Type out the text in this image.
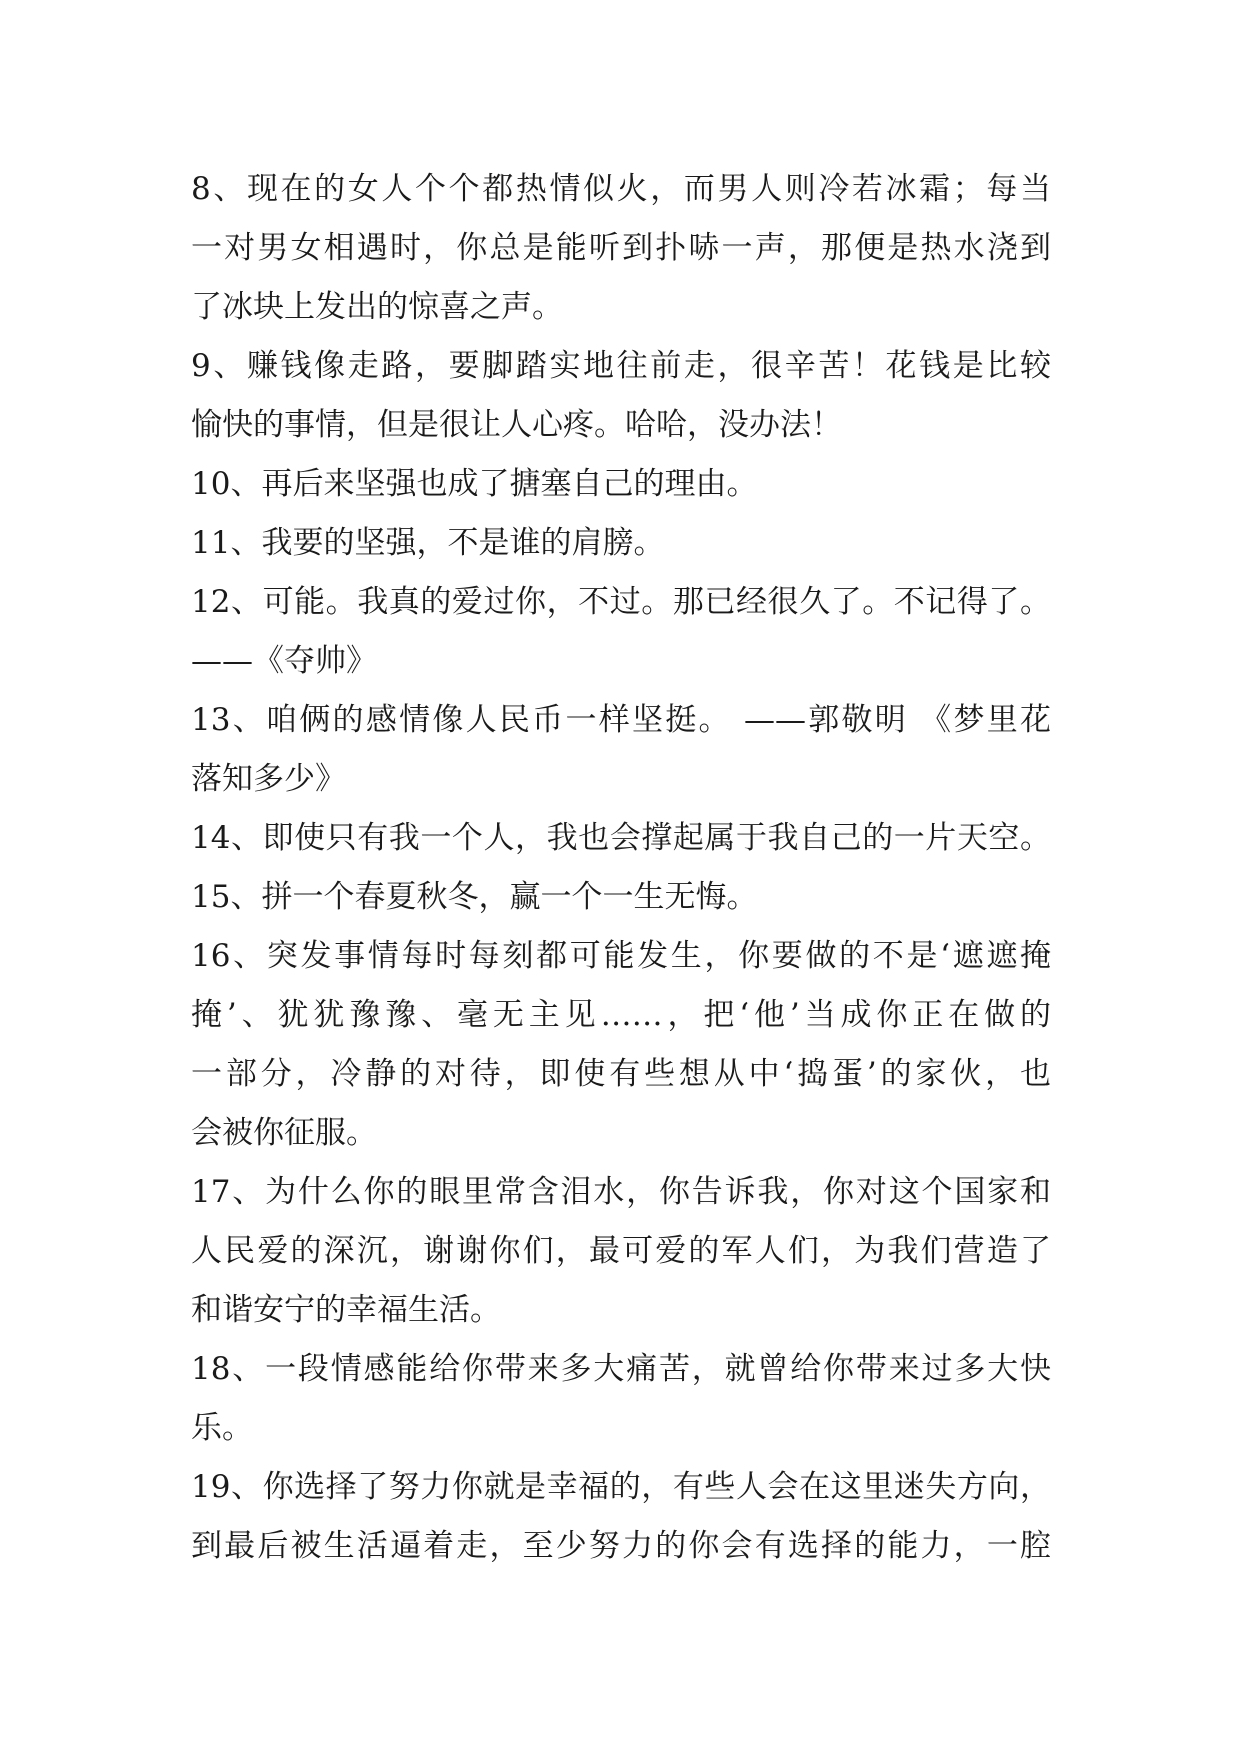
8、现在的女人个个都热情似火，而男人则冷若冰霜；每当
一对男女相遇时，你总是能听到扑哧一声，那便是热水浇到
了冰块上发出的惊喜之声。
9、赚钱像走路，要脚踏实地往前走，很辛苦！花钱是比较
愉快的事情，但是很让人心疼。哈哈，没办法！
10、再后来坚强也成了搪塞自己的理由。
11、我要的坚强，不是谁的肩膀。
12、可能。我真的爱过你，不过。那已经很久了。不记得了。
——《夺帅》
13、咱俩的感情像人民币一样坚挺。 ——郭敬明 《梦里花
落知多少》
14、即使只有我一个人，我也会撑起属于我自己的一片天空。
15、拼一个春夏秋冬，赢一个一生无悔。
16、突发事情每时每刻都可能发生，你要做的不是‘遮遮掩
掩’、犹犹豫豫、毫无主见……，把‘他’当成你正在做的
一部分，冷静的对待，即使有些想从中‘捣蛋’的家伙，也
会被你征服。
17、为什么你的眼里常含泪水，你告诉我，你对这个国家和
人民爱的深沉，谢谢你们，最可爱的军人们，为我们营造了
和谐安宁的幸福生活。
18、一段情感能给你带来多大痛苦，就曾给你带来过多大快
乐。
19、你选择了努力你就是幸福的，有些人会在这里迷失方向，
到最后被生活逼着走，至少努力的你会有选择的能力，一腔
